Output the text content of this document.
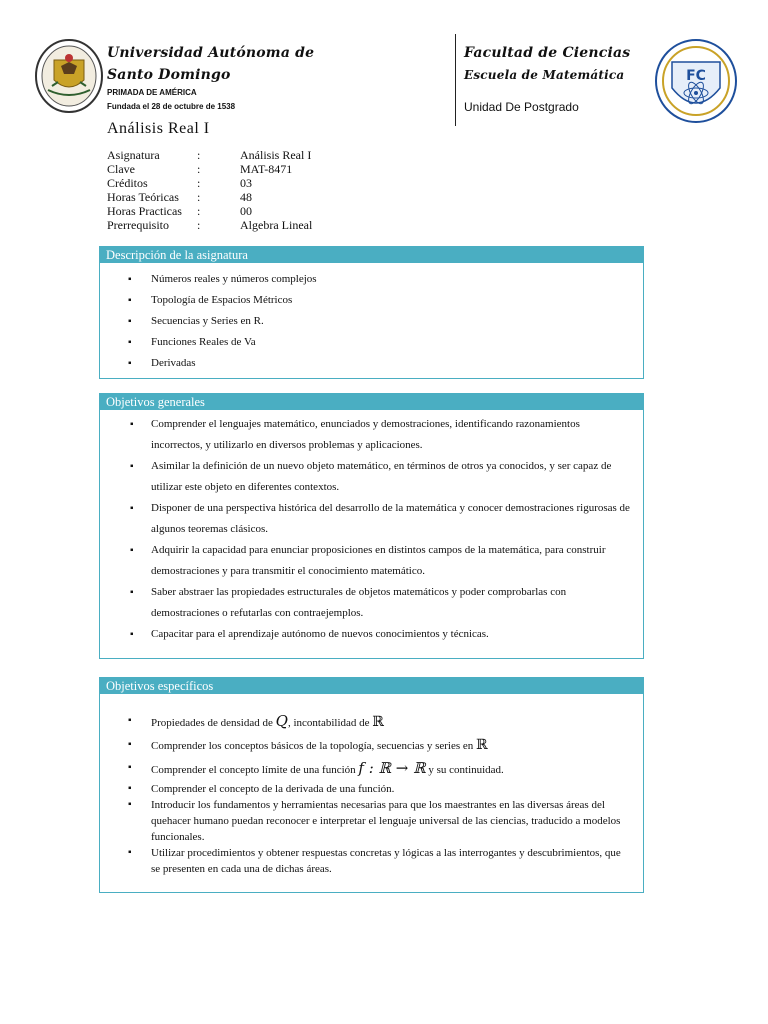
Universidad Autónoma de
Santo Domingo
PRIMADA DE AMÉRICA
Fundada el 28 de octubre de 1538
Facultad de Ciencias
Escuela de Matemática
Unidad De Postgrado
FC
Análisis Real I
Asignatura	:	Análisis Real I
Clave	:	MAT-8471
Créditos	:	03
Horas Teóricas :	48
Horas Practicas :	00
Prerrequisito :	Algebra Lineal
Descripción de la asignatura
▪ Números reales y números complejos
▪ Topología de Espacios Métricos
▪ Secuencias y Series en R.
▪ Funciones Reales de Va
▪ Derivadas
Objetivos generales
▪ Comprender el lenguajes matemático, enunciados y demostraciones, identificando razonamientos incorrectos, y utilizarlo en diversos problemas y aplicaciones.
▪ Asimilar la definición de un nuevo objeto matemático, en términos de otros ya conocidos, y ser capaz de utilizar este objeto en diferentes contextos.
▪ Disponer de una perspectiva histórica del desarrollo de la matemática y conocer demostraciones rigurosas de algunos teoremas clásicos.
▪ Adquirir la capacidad para enunciar proposiciones en distintos campos de la matemática, para construir demostraciones y para transmitir el conocimiento matemático.
▪ Saber abstraer las propiedades estructurales de objetos matemáticos y poder comprobarlas con demostraciones o refutarlas con contraejemplos.
▪ Capacitar para el aprendizaje autónomo de nuevos conocimientos y técnicas.
Objetivos específicos
▪ Propiedades de densidad de Q, incontabilidad de ℝ
▪ Comprender los conceptos básicos de la topología, secuencias y series en ℝ
▪ Comprender el concepto límite de una función f : ℝ → ℝ y su continuidad.
▪ Comprender el concepto de la derivada de una función.
▪ Introducir los fundamentos y herramientas necesarias para que los maestrantes en las diversas áreas del quehacer humano puedan reconocer e interpretar el lenguaje universal de las ciencias, traducido a modelos funcionales.
▪ Utilizar procedimientos y obtener respuestas concretas y lógicas a las interrogantes y descubrimientos, que se presenten en cada una de dichas áreas.
